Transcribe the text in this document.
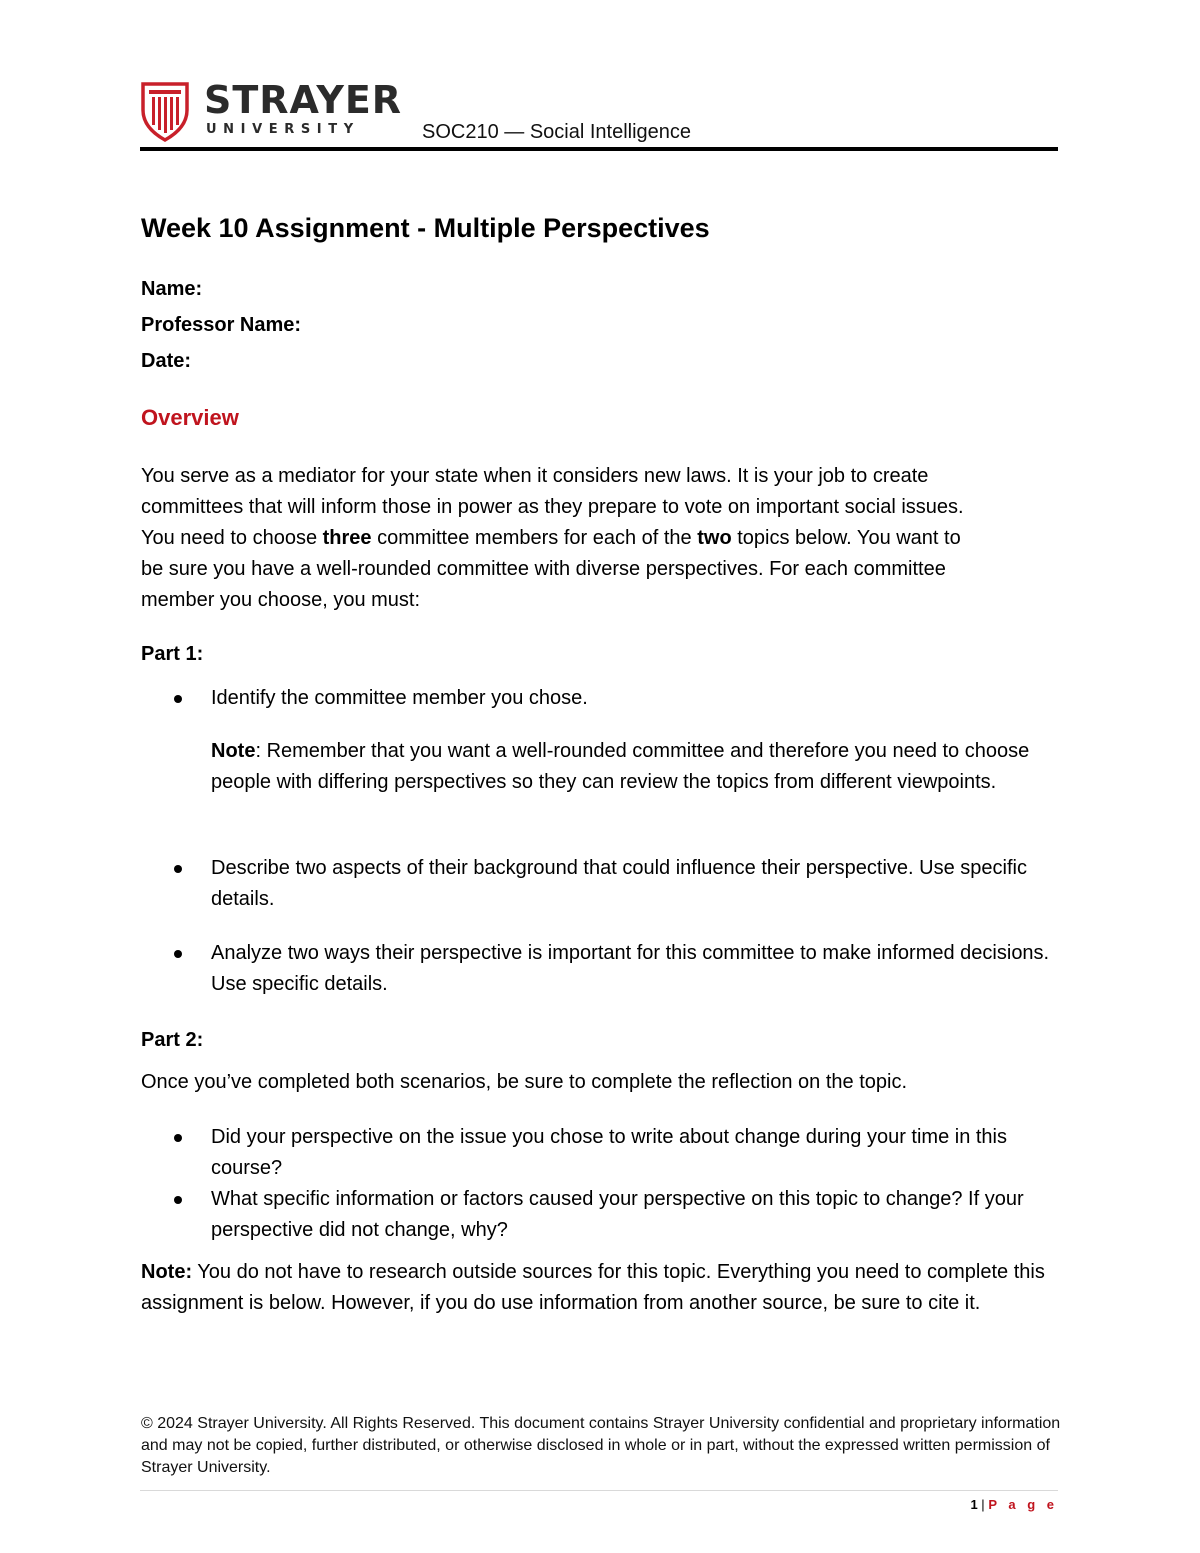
STRAYER
UNIVERSITY	SOC210 — Social Intelligence
Week 10 Assignment - Multiple Perspectives
Name:
Professor Name:
Date:
Overview
You serve as a mediator for your state when it considers new laws. It is your job to create
committees that will inform those in power as they prepare to vote on important social issues.
You need to choose three committee members for each of the two topics below. You want to
be sure you have a well-rounded committee with diverse perspectives. For each committee
member you choose, you must:
Part 1:
Identify the committee member you chose.
Note: Remember that you want a well-rounded committee and therefore you need to choose people with differing perspectives so they can review the topics from different viewpoints.
Describe two aspects of their background that could influence their perspective. Use specific details.
Analyze two ways their perspective is important for this committee to make informed decisions. Use specific details.
Part 2:
Once you’ve completed both scenarios, be sure to complete the reflection on the topic.
Did your perspective on the issue you chose to write about change during your time in this course?
What specific information or factors caused your perspective on this topic to change? If your perspective did not change, why?
Note: You do not have to research outside sources for this topic. Everything you need to complete this assignment is below. However, if you do use information from another source, be sure to cite it.
© 2024 Strayer University. All Rights Reserved. This document contains Strayer University confidential and proprietary information and may not be copied, further distributed, or otherwise disclosed in whole or in part, without the expressed written permission of Strayer University.
1 | P a g e
